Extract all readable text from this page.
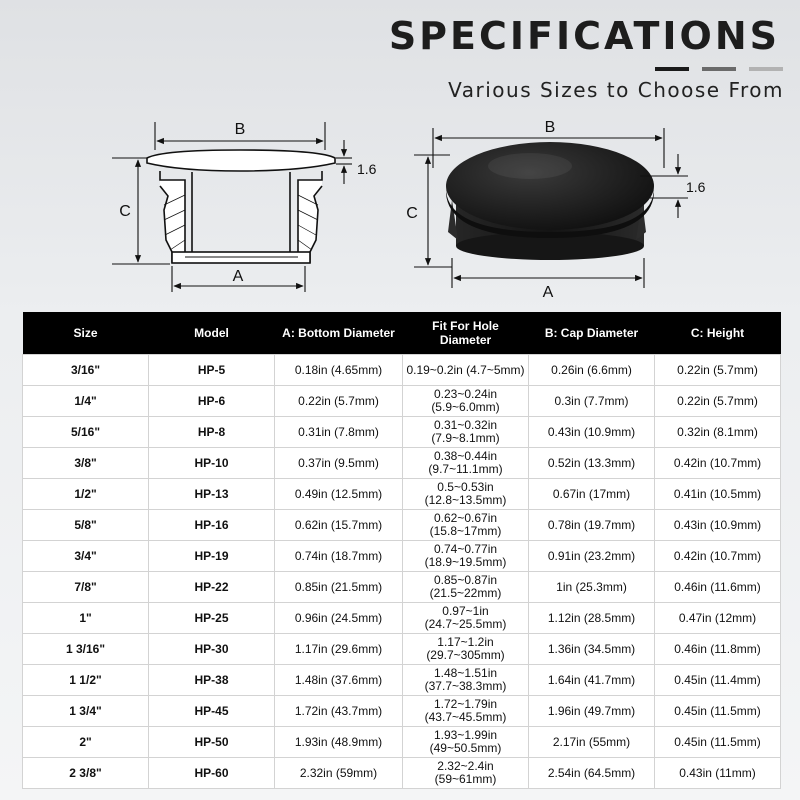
SPECIFICATIONS

Various Sizes to Choose From

B
A
C
1.6
B
A
C
1.6
Size	Model	A: Bottom Diameter	Fit For Hole Diameter	B: Cap Diameter	C: Height
3/16"	HP-5	0.18in (4.65mm)	0.19~0.2in (4.7~5mm)	0.26in (6.6mm)	0.22in (5.7mm)
1/4"	HP-6	0.22in (5.7mm)	0.23~0.24in (5.9~6.0mm)	0.3in (7.7mm)	0.22in (5.7mm)
5/16"	HP-8	0.31in (7.8mm)	0.31~0.32in (7.9~8.1mm)	0.43in (10.9mm)	0.32in (8.1mm)
3/8"	HP-10	0.37in (9.5mm)	0.38~0.44in (9.7~11.1mm)	0.52in (13.3mm)	0.42in (10.7mm)
1/2"	HP-13	0.49in (12.5mm)	0.5~0.53in (12.8~13.5mm)	0.67in (17mm)	0.41in (10.5mm)
5/8"	HP-16	0.62in (15.7mm)	0.62~0.67in (15.8~17mm)	0.78in (19.7mm)	0.43in (10.9mm)
3/4"	HP-19	0.74in (18.7mm)	0.74~0.77in (18.9~19.5mm)	0.91in (23.2mm)	0.42in (10.7mm)
7/8"	HP-22	0.85in (21.5mm)	0.85~0.87in (21.5~22mm)	1in (25.3mm)	0.46in (11.6mm)
1"	HP-25	0.96in (24.5mm)	0.97~1in (24.7~25.5mm)	1.12in (28.5mm)	0.47in (12mm)
1 3/16"	HP-30	1.17in (29.6mm)	1.17~1.2in (29.7~305mm)	1.36in (34.5mm)	0.46in (11.8mm)
1 1/2"	HP-38	1.48in (37.6mm)	1.48~1.51in (37.7~38.3mm)	1.64in (41.7mm)	0.45in (11.4mm)
1 3/4"	HP-45	1.72in (43.7mm)	1.72~1.79in (43.7~45.5mm)	1.96in (49.7mm)	0.45in (11.5mm)
2"	HP-50	1.93in (48.9mm)	1.93~1.99in (49~50.5mm)	2.17in (55mm)	0.45in (11.5mm)
2 3/8"	HP-60	2.32in (59mm)	2.32~2.4in (59~61mm)	2.54in (64.5mm)	0.43in (11mm)
